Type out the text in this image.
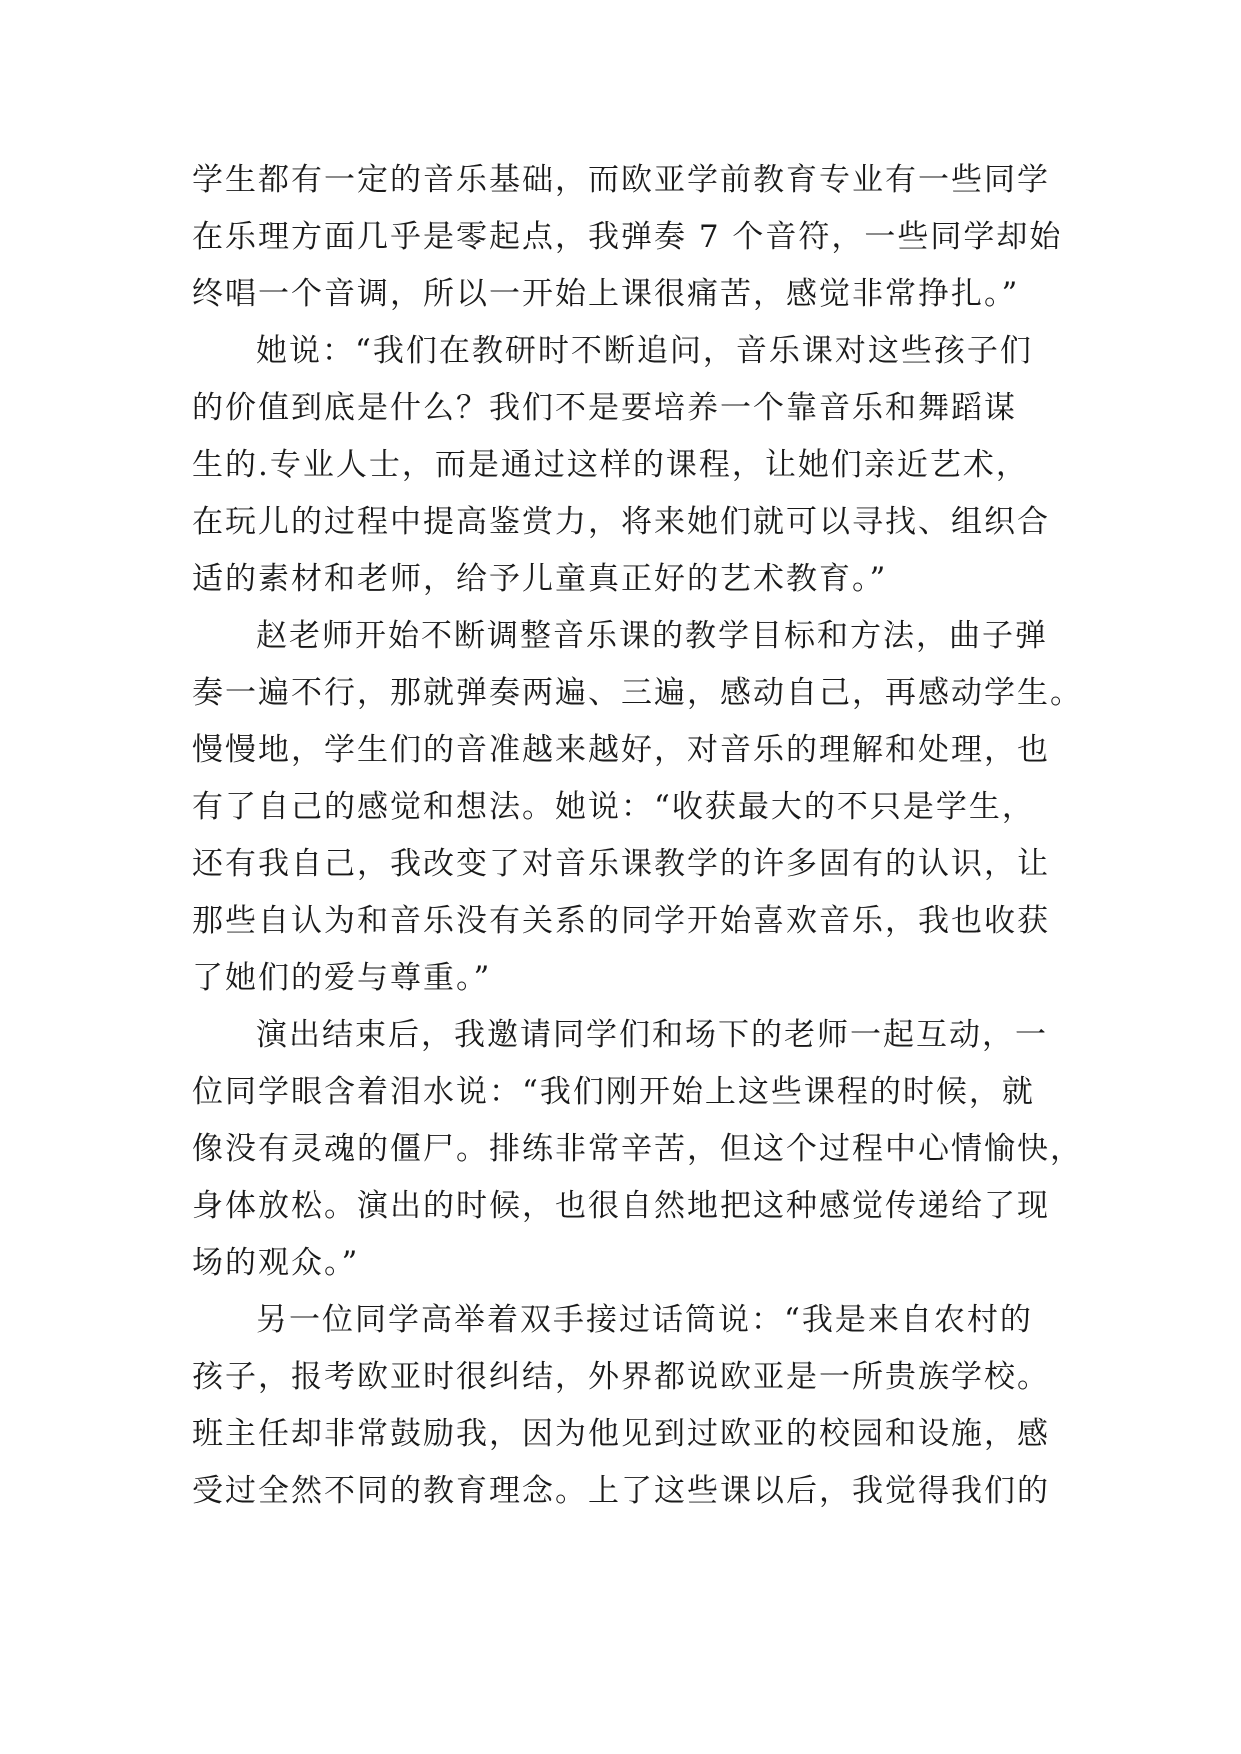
学生都有一定的音乐基础，而欧亚学前教育专业有一些同学
在乐理方面几乎是零起点，我弹奏 7 个音符，一些同学却始
终唱一个音调，所以一开始上课很痛苦，感觉非常挣扎。”
她说：“我们在教研时不断追问，音乐课对这些孩子们
的价值到底是什么？我们不是要培养一个靠音乐和舞蹈谋
生的.专业人士，而是通过这样的课程，让她们亲近艺术，
在玩儿的过程中提高鉴赏力，将来她们就可以寻找、组织合
适的素材和老师，给予儿童真正好的艺术教育。”
赵老师开始不断调整音乐课的教学目标和方法，曲子弹
奏一遍不行，那就弹奏两遍、三遍，感动自己，再感动学生。
慢慢地，学生们的音准越来越好，对音乐的理解和处理，也
有了自己的感觉和想法。她说：“收获最大的不只是学生，
还有我自己，我改变了对音乐课教学的许多固有的认识，让
那些自认为和音乐没有关系的同学开始喜欢音乐，我也收获
了她们的爱与尊重。”
演出结束后，我邀请同学们和场下的老师一起互动，一
位同学眼含着泪水说：“我们刚开始上这些课程的时候，就
像没有灵魂的僵尸。排练非常辛苦，但这个过程中心情愉快，
身体放松。演出的时候，也很自然地把这种感觉传递给了现
场的观众。”
另一位同学高举着双手接过话筒说：“我是来自农村的
孩子，报考欧亚时很纠结，外界都说欧亚是一所贵族学校。
班主任却非常鼓励我，因为他见到过欧亚的校园和设施，感
受过全然不同的教育理念。上了这些课以后，我觉得我们的
